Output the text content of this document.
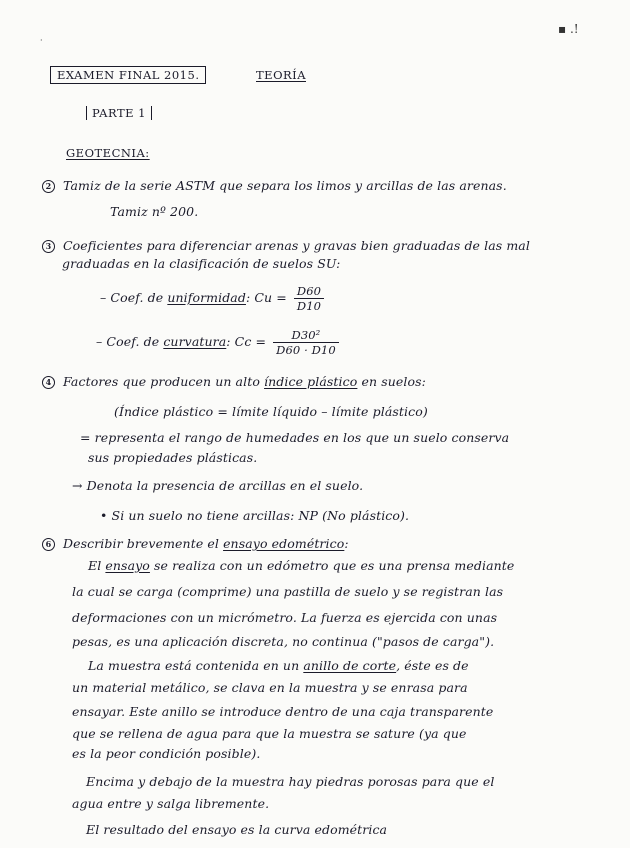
▪ .!
·
EXAMEN FINAL 2015.	TEORÍA
PARTE 1
GEOTECNIA:
2 Tamiz de la serie ASTM que separa los limos y arcillas de las arenas.
Tamiz nº 200.
3 Coeficientes para diferenciar arenas y gravas bien graduadas de las mal
graduadas en la clasificación de suelos SU:
– Coef. de uniformidad: $Cu = \frac{D60}{D10}$
– Coef. de curvatura: $Cc = \frac{\text{D30²}}{D60 \cdot D10}$
4 Factores que producen un alto índice plástico en suelos:
(Índice plástico = límite líquido – límite plástico)
= representa el rango de humedades en los que un suelo conserva
sus propiedades plásticas.
→ Denota la presencia de arcillas en el suelo.
• Si un suelo no tiene arcillas: NP (No plástico).
6 Describir brevemente el ensayo edométrico:
El ensayo se realiza con un edómetro que es una prensa mediante
la cual se carga (comprime) una pastilla de suelo y se registran las
deformaciones con un micrómetro. La fuerza es ejercida con unas
pesas, es una aplicación discreta, no continua ("pasos de carga").
La muestra está contenida en un anillo de corte, éste es de
un material metálico, se clava en la muestra y se enrasa para
ensayar. Este anillo se introduce dentro de una caja transparente
que se rellena de agua para que la muestra se sature (ya que
es la peor condición posible).
Encima y debajo de la muestra hay piedras porosas para que el
agua entre y salga libremente.
El resultado del ensayo es la curva edométrica
